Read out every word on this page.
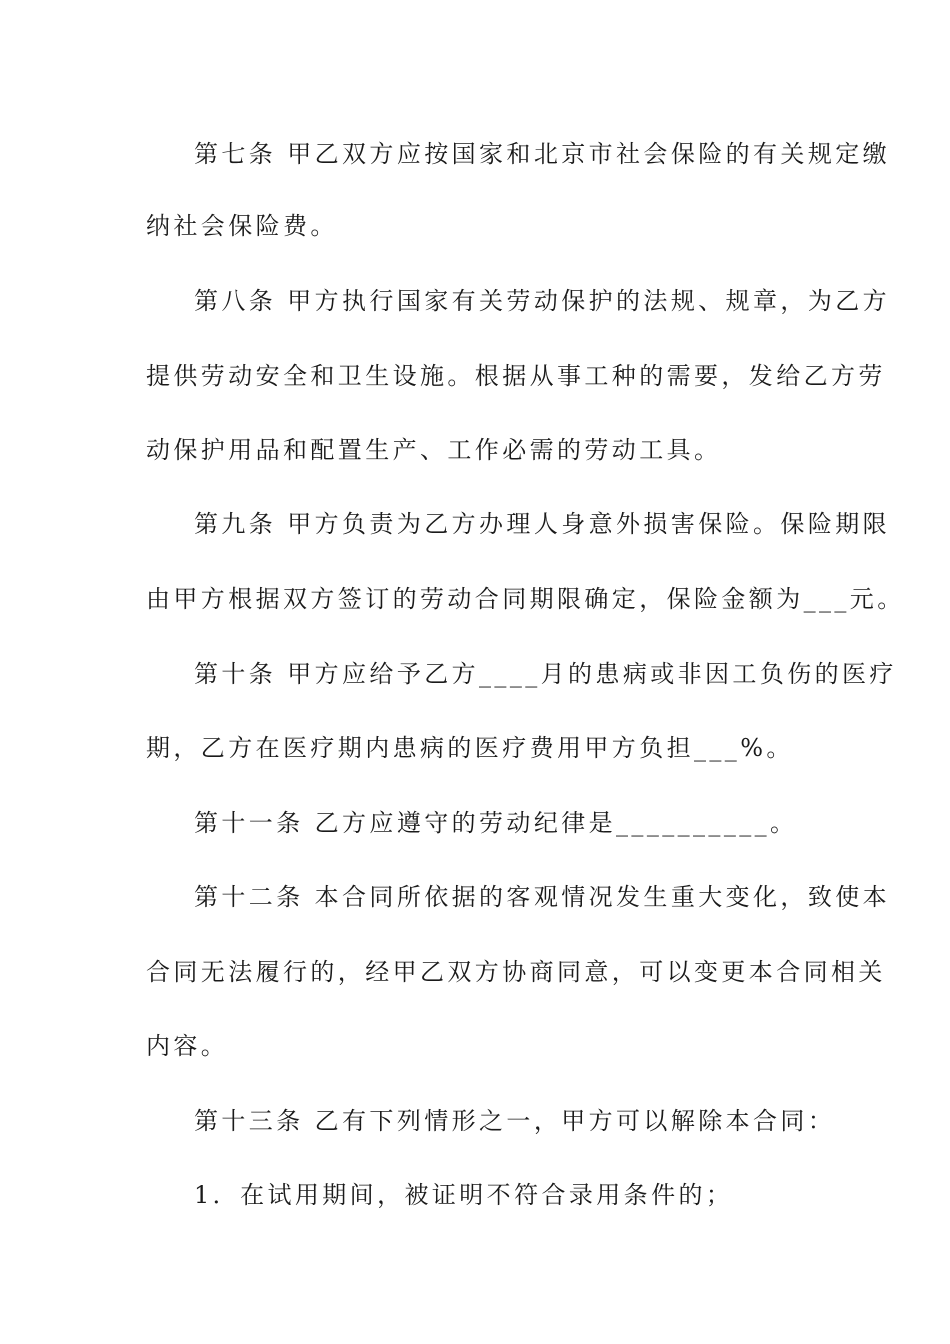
第七条 甲乙双方应按国家和北京市社会保险的有关规定缴
纳社会保险费。
第八条 甲方执行国家有关劳动保护的法规、规章，为乙方
提供劳动安全和卫生设施。根据从事工种的需要，发给乙方劳
动保护用品和配置生产、工作必需的劳动工具。
第九条 甲方负责为乙方办理人身意外损害保险。保险期限
由甲方根据双方签订的劳动合同期限确定，保险金额为___元。
第十条 甲方应给予乙方____月的患病或非因工负伤的医疗
期，乙方在医疗期内患病的医疗费用甲方负担___%。
第十一条 乙方应遵守的劳动纪律是__________。
第十二条 本合同所依据的客观情况发生重大变化，致使本
合同无法履行的，经甲乙双方协商同意，可以变更本合同相关
内容。
第十三条 乙有下列情形之一，甲方可以解除本合同：
1．在试用期间，被证明不符合录用条件的；
